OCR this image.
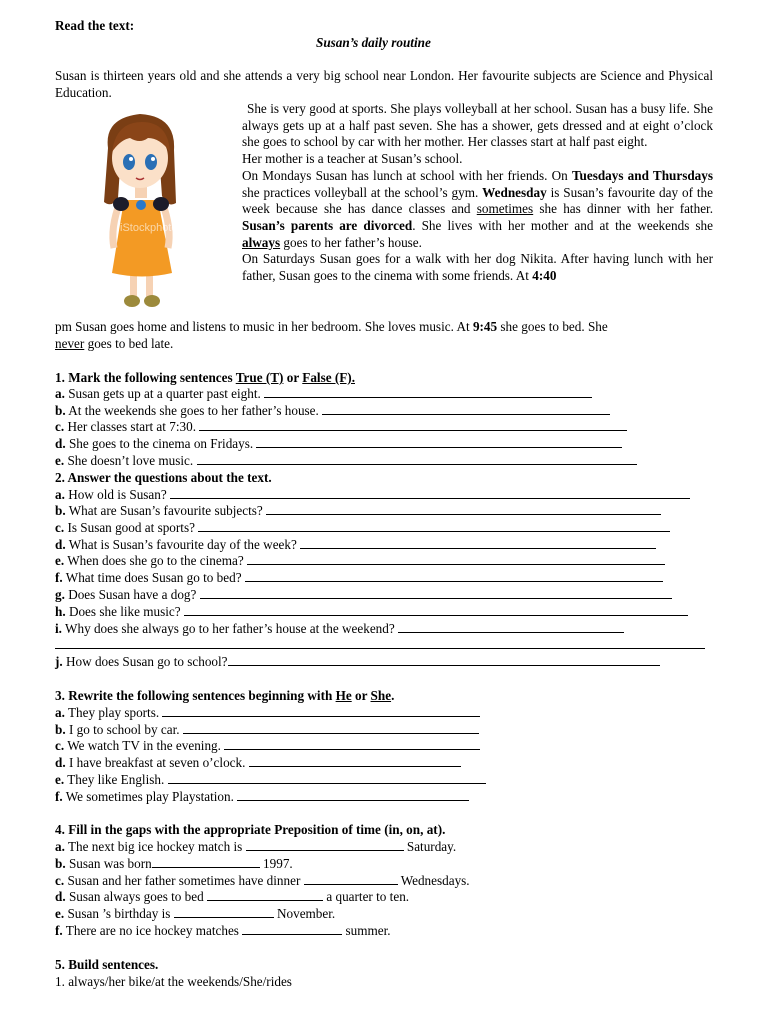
Read the text:
Susan’s daily routine

Susan is thirteen years old and she attends a very big school near London. Her favourite subjects are Science and Physical Education.

iStockphoto

She is very good at sports. She plays volleyball at her school. Susan has a busy life. She always gets up at a half past seven. She has a shower, gets dressed and at eight o’clock she goes to school by car with her mother. Her classes start at half past eight.

Her mother is a teacher at Susan’s school.

On Mondays Susan has lunch at school with her friends. On Tuesdays and Thursdays she practices volleyball at the school’s gym. Wednesday is Susan’s favourite day of the week because she has dance classes and sometimes she has dinner with her father. Susan’s parents are divorced. She lives with her mother and at the weekends she always goes to her father’s house.

On Saturdays Susan goes for a walk with her dog Nikita. After having lunch with her father, Susan goes to the cinema with some friends. At 4:40

pm Susan goes home and listens to music in her bedroom. She loves music. At 9:45 she goes to bed. She
never goes to bed late.
1. Mark the following sentences True (T) or False (F).
a. Susan gets up at a quarter past eight.
b. At the weekends she goes to her father’s house.
c. Her classes start at 7:30.
d. She goes to the cinema on Fridays.
e. She doesn’t love music.
2. Answer the questions about the text.
a. How old is Susan?
b. What are Susan’s favourite subjects?
c. Is Susan good at sports?
d. What is Susan’s favourite day of the week?
e. When does she go to the cinema?
f. What time does Susan go to bed?
g. Does Susan have a dog?
h. Does she like music?
i. Why does she always go to her father’s house at the weekend?
j. How does Susan go to school?
3. Rewrite the following sentences beginning with He or She.
a. They play sports.
b. I go to school by car.
c. We watch TV in the evening.
d. I have breakfast at seven o’clock.
e. They like English.
f. We sometimes play Playstation.
4. Fill in the gaps with the appropriate Preposition of time (in, on, at).
a. The next big ice hockey match is	Saturday.
b. Susan was born	1997.
c. Susan and her father sometimes have dinner	Wednesdays.
d. Susan always goes to bed	a quarter to ten.
e. Susan ’s birthday is	November.
f. There are no ice hockey matches	summer.
5. Build sentences.
1. always/her bike/at the weekends/She/rides
